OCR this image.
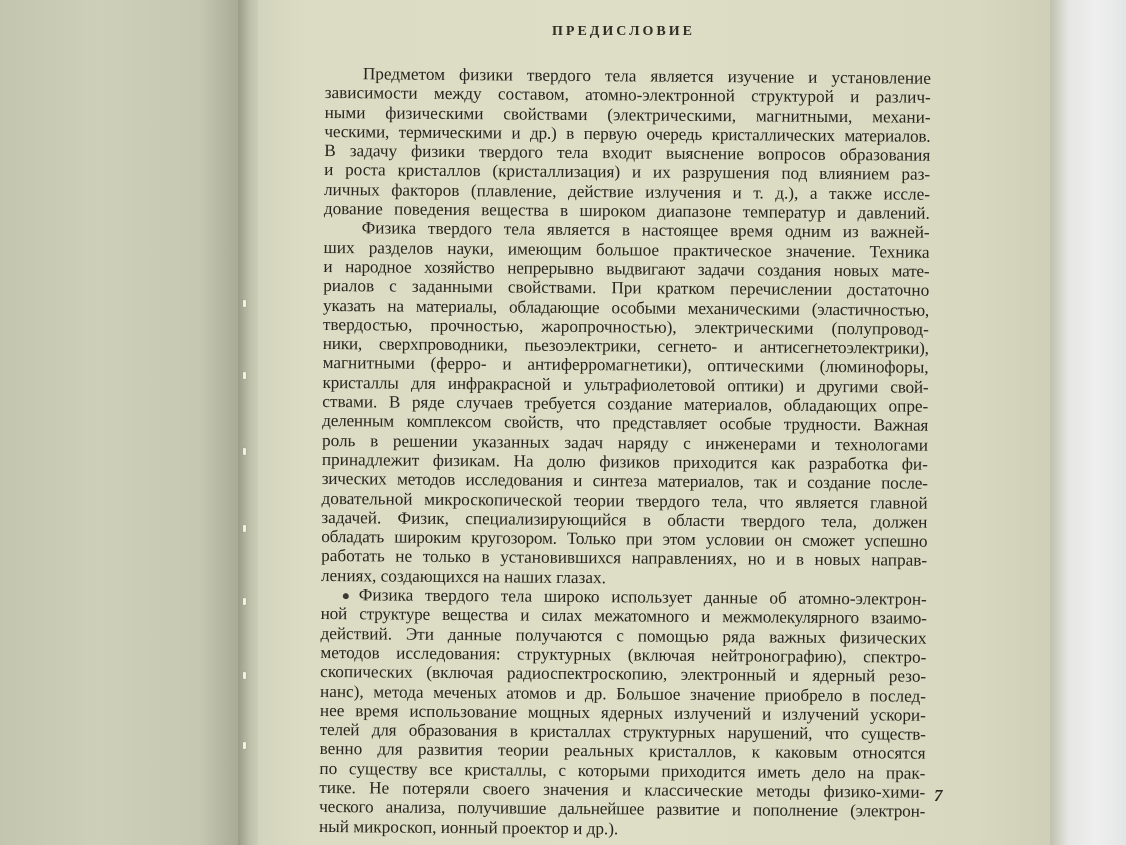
ПРЕДИСЛОВИЕ
Предметом физики твердого тела является изучение и установление
зависимости между составом, атомно-электронной структурой и различ-
ными физическими свойствами (электрическими, магнитными, механи-
ческими, термическими и др.) в первую очередь кристаллических материалов.
В задачу физики твердого тела входит выяснение вопросов образования
и роста кристаллов (кристаллизация) и их разрушения под влиянием раз-
личных факторов (плавление, действие излучения и т. д.), а также иссле-
дование поведения вещества в широком диапазоне температур и давлений.
Физика твердого тела является в настоящее время одним из важней-
ших разделов науки, имеющим большое практическое значение. Техника
и народное хозяйство непрерывно выдвигают задачи создания новых мате-
риалов с заданными свойствами. При кратком перечислении достаточно
указать на материалы, обладающие особыми механическими (эластичностью,
твердостью, прочностью, жаропрочностью), электрическими (полупровод-
ники, сверхпроводники, пьезоэлектрики, сегнето- и антисегнетоэлектрики),
магнитными (ферро- и антиферромагнетики), оптическими (люминофоры,
кристаллы для инфракрасной и ультрафиолетовой оптики) и другими свой-
ствами. В ряде случаев требуется создание материалов, обладающих опре-
деленным комплексом свойств, что представляет особые трудности. Важная
роль в решении указанных задач наряду с инженерами и технологами
принадлежит физикам. На долю физиков приходится как разработка фи-
зических методов исследования и синтеза материалов, так и создание после-
довательной микроскопической теории твердого тела, что является главной
задачей. Физик, специализирующийся в области твердого тела, должен
обладать широким кругозором. Только при этом условии он сможет успешно
работать не только в установившихся направлениях, но и в новых направ-
лениях, создающихся на наших глазах.
Физика твердого тела широко использует данные об атомно-электрон-
ной структуре вещества и силах межатомного и межмолекулярного взаимо-
действий. Эти данные получаются с помощью ряда важных физических
методов исследования: структурных (включая нейтронографию), спектро-
скопических (включая радиоспектроскопию, электронный и ядерный резо-
нанс), метода меченых атомов и др. Большое значение приобрело в послед-
нее время использование мощных ядерных излучений и излучений ускори-
телей для образования в кристаллах структурных нарушений, что существ-
венно для развития теории реальных кристаллов, к каковым относятся
по существу все кристаллы, с которыми приходится иметь дело на прак-
тике. Не потеряли своего значения и классические методы физико-хими-
ческого анализа, получившие дальнейшее развитие и пополнение (электрон-
ный микроскоп, ионный проектор и др.).

7
